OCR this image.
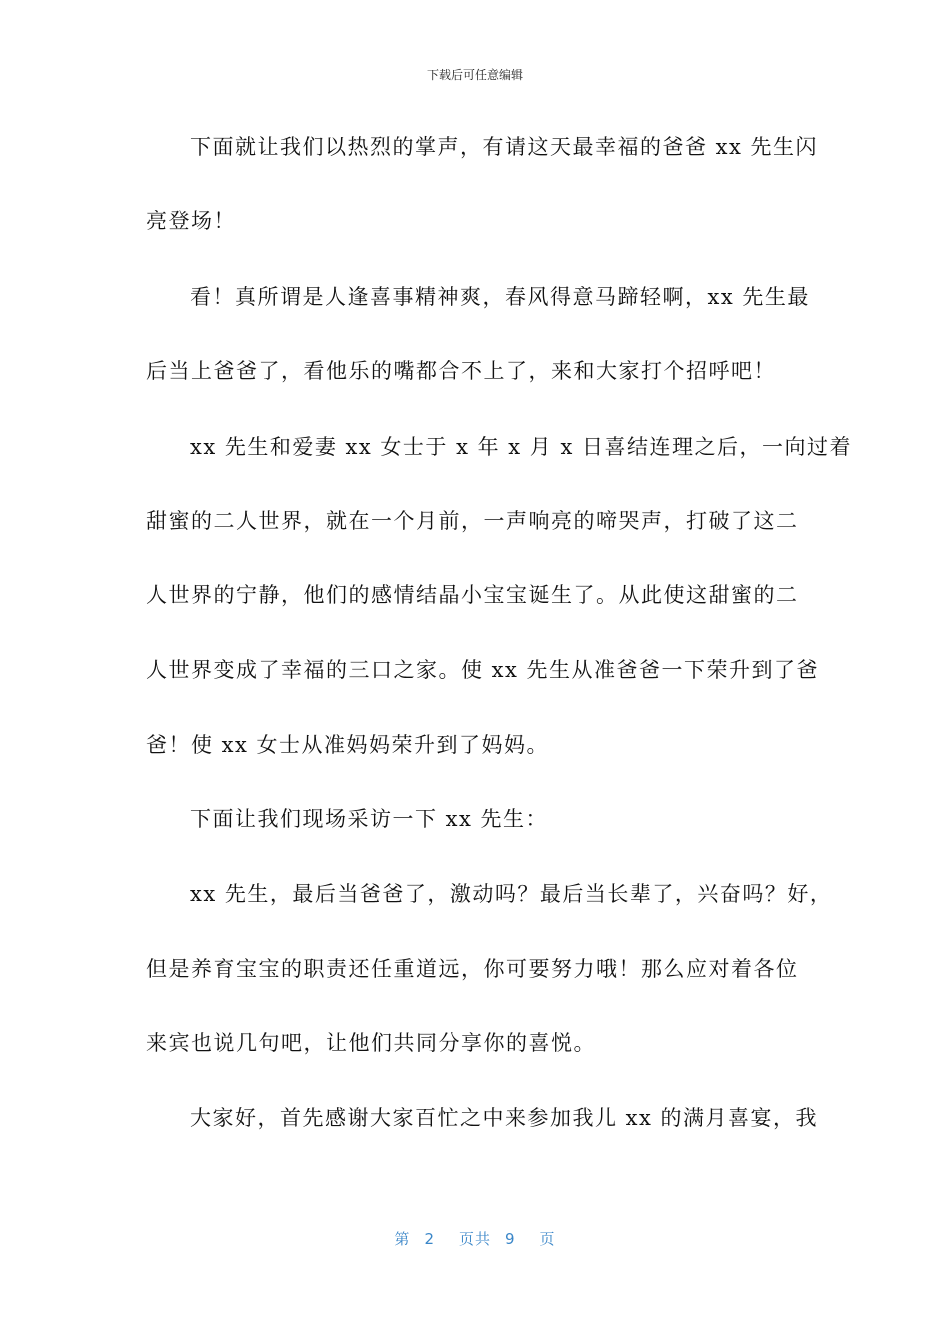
下载后可任意编辑
下面就让我们以热烈的掌声，有请这天最幸福的爸爸 xx 先生闪
亮登场！
看！真所谓是人逢喜事精神爽，春风得意马蹄轻啊，xx 先生最
后当上爸爸了，看他乐的嘴都合不上了，来和大家打个招呼吧！
xx 先生和爱妻 xx 女士于 x 年 x 月 x 日喜结连理之后，一向过着
甜蜜的二人世界，就在一个月前，一声响亮的啼哭声，打破了这二
人世界的宁静，他们的感情结晶小宝宝诞生了。从此使这甜蜜的二
人世界变成了幸福的三口之家。使 xx 先生从准爸爸一下荣升到了爸
爸！使 xx 女士从准妈妈荣升到了妈妈。
下面让我们现场采访一下 xx 先生：
xx 先生，最后当爸爸了，激动吗？最后当长辈了，兴奋吗？好，
但是养育宝宝的职责还任重道远，你可要努力哦！那么应对着各位
来宾也说几句吧，让他们共同分享你的喜悦。
大家好，首先感谢大家百忙之中来参加我儿 xx 的满月喜宴，我
第 2 页共 9 页
